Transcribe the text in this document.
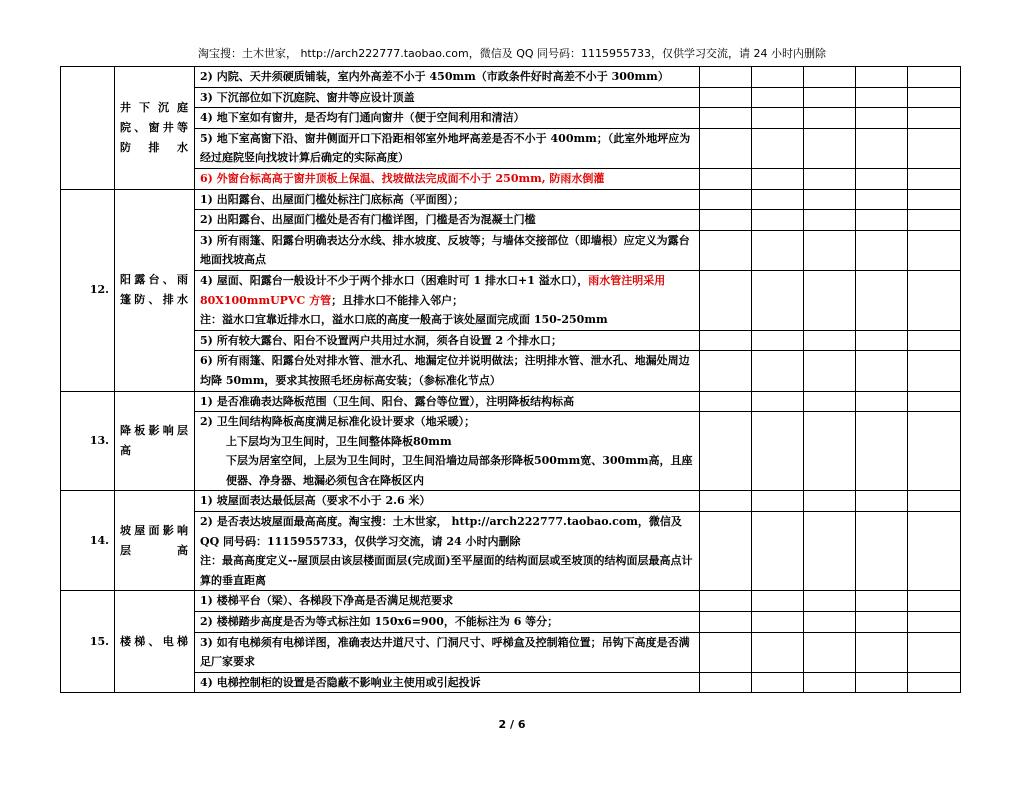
淘宝搜：土木世家， http://arch222777.taobao.com，微信及 QQ 同号码：1115955733，仅供学习交流，请 24 小时内删除
	井下沉庭院、窗井等防排水	2) 内院、天井须硬质铺装，室内外高差不小于 450mm（市政条件好时高差不小于 300mm）					
		3) 下沉部位如下沉庭院、窗井等应设计顶盖					
		4) 地下室如有窗井，是否均有门通向窗井（便于空间利用和清洁）					
		5) 地下室高窗下沿、窗井侧面开口下沿距相邻室外地坪高差是否不小于 400mm；（此室外地坪应为经过庭院竖向找坡计算后确定的实际高度）					
		6) 外窗台标高高于窗井顶板上保温、找坡做法完成面不小于 250mm, 防雨水倒灌					
12.	阳露台、雨篷防、排水	1) 出阳露台、出屋面门槛处标注门底标高（平面图）；					
		2) 出阳露台、出屋面门槛处是否有门槛详图，门槛是否为混凝土门槛					
		3) 所有雨篷、阳露台明确表达分水线、排水坡度、反坡等；与墙体交接部位（即墙根）应定义为露台地面找坡高点					
		4) 屋面、阳露台一般设计不少于两个排水口（困难时可 1 排水口+1 溢水口），雨水管注明采用 80X100mmUPVC 方管；且排水口不能排入邻户；
注：溢水口宜靠近排水口，溢水口底的高度一般高于该处屋面完成面 150-250mm					
		5) 所有较大露台、阳台不设置两户共用过水洞，须各自设置 2 个排水口；					
		6) 所有雨篷、阳露台处对排水管、泄水孔、地漏定位并说明做法；注明排水管、泄水孔、地漏处周边均降 50mm，要求其按照毛坯房标高安装；（参标准化节点）					
13.	降板影响层高	1) 是否准确表达降板范围（卫生间、阳台、露台等位置），注明降板结构标高					
		2) 卫生间结构降板高度满足标准化设计要求（地采暖）；
上下层均为卫生间时，卫生间整体降板80mm
下层为居室空间，上层为卫生间时，卫生间沿墙边局部条形降板500mm宽、300mm高，且座便器、净身器、地漏必须包含在降板区内					

14.	坡屋面影响层高	1) 坡屋面表达最低层高（要求不小于 2.6 米）					
		2) 是否表达坡屋面最高高度。淘宝搜：土木世家， http://arch222777.taobao.com，微信及 QQ 同号码：1115955733，仅供学习交流，请 24 小时内删除
注：最高高度定义--屋顶层由该层楼面面层(完成面)至平屋面的结构面层或至坡顶的结构面层最高点计算的垂直距离					
15.	楼梯、电梯	1) 楼梯平台（梁）、各梯段下净高是否满足规范要求					
		2) 楼梯踏步高度是否为等式标注如 150x6=900，不能标注为 6 等分；					
		3) 如有电梯须有电梯详图，准确表达井道尺寸、门洞尺寸、呼梯盒及控制箱位置；吊钩下高度是否满足厂家要求					
		4) 电梯控制柜的设置是否隐蔽不影响业主使用或引起投诉					
2 / 6
